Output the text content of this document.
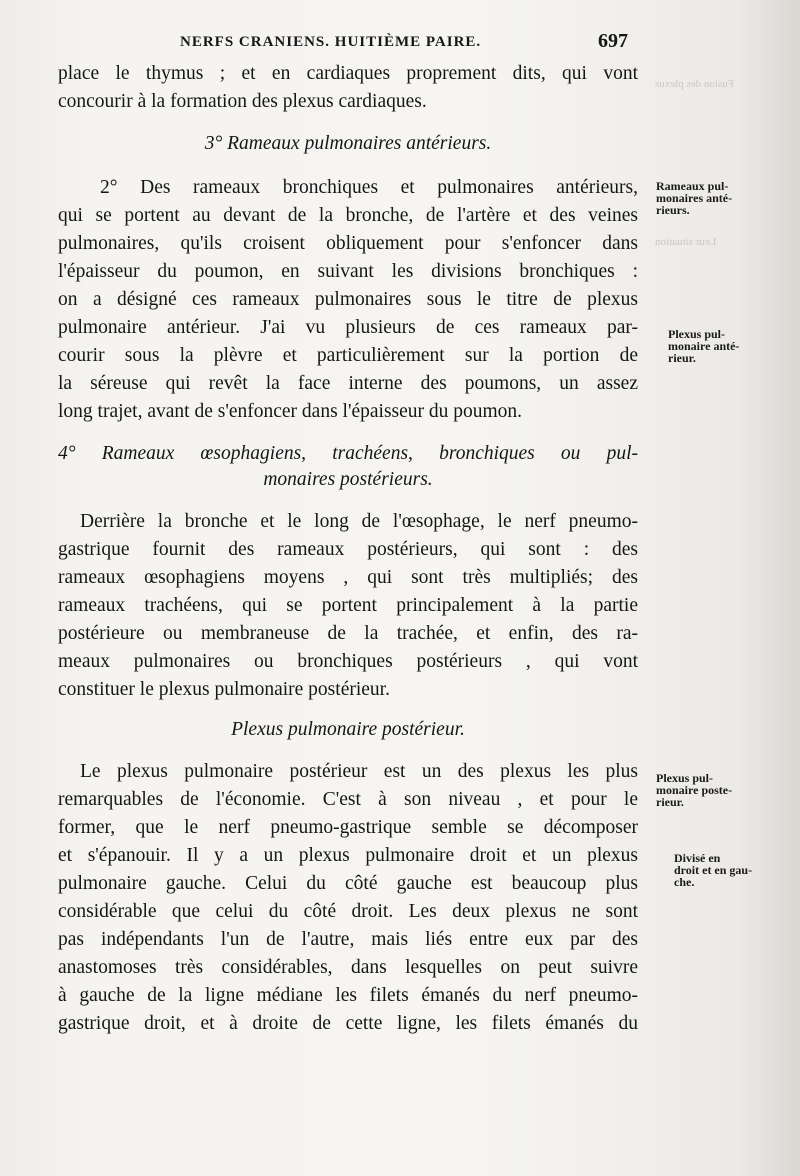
Fusion des plexus
Leur situation
NERFS CRANIENS. HUITIÈME PAIRE.	697
place le thymus ; et en cardiaques proprement dits, qui vont
concourir à la formation des plexus cardiaques.
3° Rameaux pulmonaires antérieurs.
2° Des rameaux bronchiques et pulmonaires antérieurs,
qui se portent au devant de la bronche, de l'artère et des veines
pulmonaires, qu'ils croisent obliquement pour s'enfoncer dans
l'épaisseur du poumon, en suivant les divisions bronchiques :
on a désigné ces rameaux pulmonaires sous le titre de plexus
pulmonaire antérieur. J'ai vu plusieurs de ces rameaux par-
courir sous la plèvre et particulièrement sur la portion de
la séreuse qui revêt la face interne des poumons, un assez
long trajet, avant de s'enfoncer dans l'épaisseur du poumon.
4° Rameaux œsophagiens, trachéens, bronchiques ou pul-
monaires postérieurs.
Derrière la bronche et le long de l'œsophage, le nerf pneumo-
gastrique fournit des rameaux postérieurs, qui sont : des
rameaux œsophagiens moyens , qui sont très multipliés; des
rameaux trachéens, qui se portent principalement à la partie
postérieure ou membraneuse de la trachée, et enfin, des ra-
meaux pulmonaires ou bronchiques postérieurs , qui vont
constituer le plexus pulmonaire postérieur.
Plexus pulmonaire postérieur.
Le plexus pulmonaire postérieur est un des plexus les plus
remarquables de l'économie. C'est à son niveau , et pour le
former, que le nerf pneumo-gastrique semble se décomposer
et s'épanouir. Il y a un plexus pulmonaire droit et un plexus
pulmonaire gauche. Celui du côté gauche est beaucoup plus
considérable que celui du côté droit. Les deux plexus ne sont
pas indépendants l'un de l'autre, mais liés entre eux par des
anastomoses très considérables, dans lesquelles on peut suivre
à gauche de la ligne médiane les filets émanés du nerf pneumo-
gastrique droit, et à droite de cette ligne, les filets émanés du
Rameaux pul-
monaires anté-
rieurs.
Plexus pul-
monaire anté-
rieur.
Plexus pul-
monaire poste-
rieur.
Divisé en
droit et en gau-
che.
